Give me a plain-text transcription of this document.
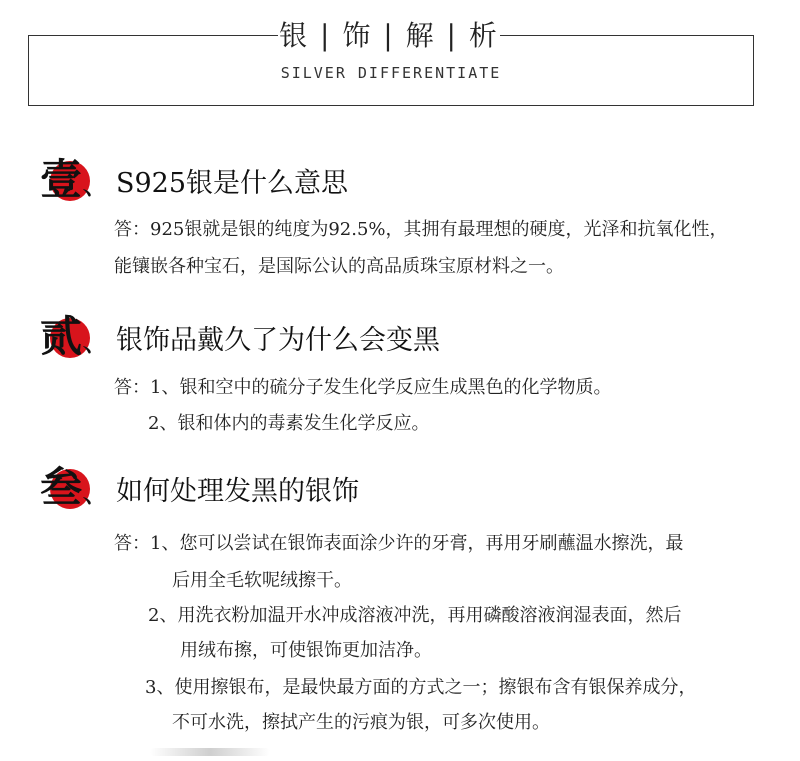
银 | 饰 | 解 | 析
SILVER DIFFERENTIATE
壹 、 S925银是什么意思
答：925银就是银的纯度为92.5%，其拥有最理想的硬度，光泽和抗氧化性，
能镶嵌各种宝石，是国际公认的高品质珠宝原材料之一。
贰 、 银饰品戴久了为什么会变黑
答：1、银和空中的硫分子发生化学反应生成黑色的化学物质。
2、银和体内的毒素发生化学反应。
叁 、 如何处理发黑的银饰
答：1、您可以尝试在银饰表面涂少许的牙膏，再用牙刷蘸温水擦洗，最
后用全毛软呢绒擦干。
2、用洗衣粉加温开水冲成溶液冲洗，再用磷酸溶液润湿表面，然后
用绒布擦，可使银饰更加洁净。
3、使用擦银布，是最快最方面的方式之一；擦银布含有银保养成分，
不可水洗，擦拭产生的污痕为银，可多次使用。
